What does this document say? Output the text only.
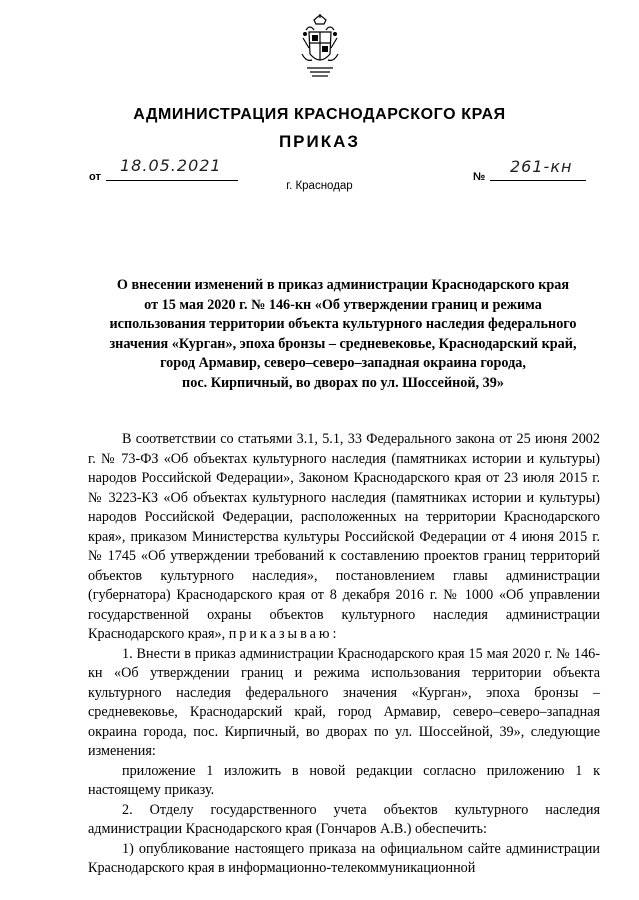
АДМИНИСТРАЦИЯ КРАСНОДАРСКОГО КРАЯ
ПРИКАЗ
от
18.05.2021
№
261-кн
г. Краснодар
О внесении изменений в приказ администрации Краснодарского края
от 15 мая 2020 г. № 146-кн «Об утверждении границ и режима
использования территории объекта культурного наследия федерального
значения «Курган», эпоха бронзы – средневековье, Краснодарский край,
город Армавир, северо–северо–западная окраина города,
пос. Кирпичный, во дворах по ул. Шоссейной, 39»

В соответствии со статьями 3.1, 5.1, 33 Федерального закона от 25 июня 2002 г. № 73-ФЗ «Об объектах культурного наследия (памятниках истории и культуры) народов Российской Федерации», Законом Краснодарского края от 23 июля 2015 г. № 3223-КЗ «Об объектах культурного наследия (памятниках истории и культуры) народов Российской Федерации, расположенных на территории Краснодарского края», приказом Министерства культуры Российской Федерации от 4 июня 2015 г. № 1745 «Об утверждении требований к составлению проектов границ территорий объектов культурного наследия», постановлением главы администрации (губернатора) Краснодарского края от 8 декабря 2016 г. № 1000 «Об управлении государственной охраны объектов культурного наследия администрации Краснодарского края», приказываю:

1. Внести в приказ администрации Краснодарского края 15 мая 2020 г. № 146-кн «Об утверждении границ и режима использования территории объекта культурного наследия федерального значения «Курган», эпоха бронзы – средневековье, Краснодарский край, город Армавир, северо–северо–западная окраина города, пос. Кирпичный, во дворах по ул. Шоссейной, 39», следующие изменения:

приложение 1 изложить в новой редакции согласно приложению 1 к настоящему приказу.

2. Отделу государственного учета объектов культурного наследия администрации Краснодарского края (Гончаров А.В.) обеспечить:

1) опубликование настоящего приказа на официальном сайте администрации Краснодарского края в информационно-телекоммуникационной
